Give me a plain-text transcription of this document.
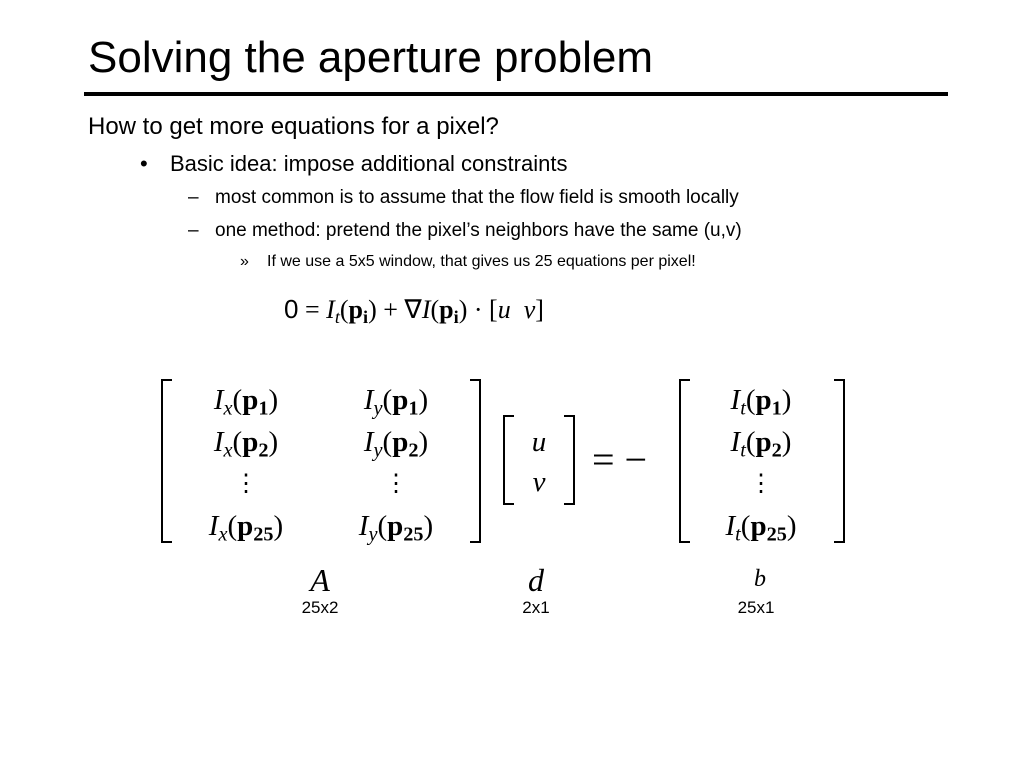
Solving the aperture problem
How to get more equations for a pixel?
• Basic idea: impose additional constraints
– most common is to assume that the flow field is smooth locally
– one method: pretend the pixel’s neighbors have the same (u,v)
» If we use a 5x5 window, that gives us 25 equations per pixel!
$0 = I_t(p_i) + \nabla I(p_i) \cdot [u$ v]
$I_x(p_1)$	$I_y(p_1)$
$I_x(p_2)$	$I_y(p_2)$
⋮	⋮
$I_x(p_{25})$	$I_y(p_{25})$
u
v	= −
$I_t(p_1)$
$I_t(p_2)$
⋮
$I_t(p_{25})$
A
25x2
d
2x1
b
25x1
